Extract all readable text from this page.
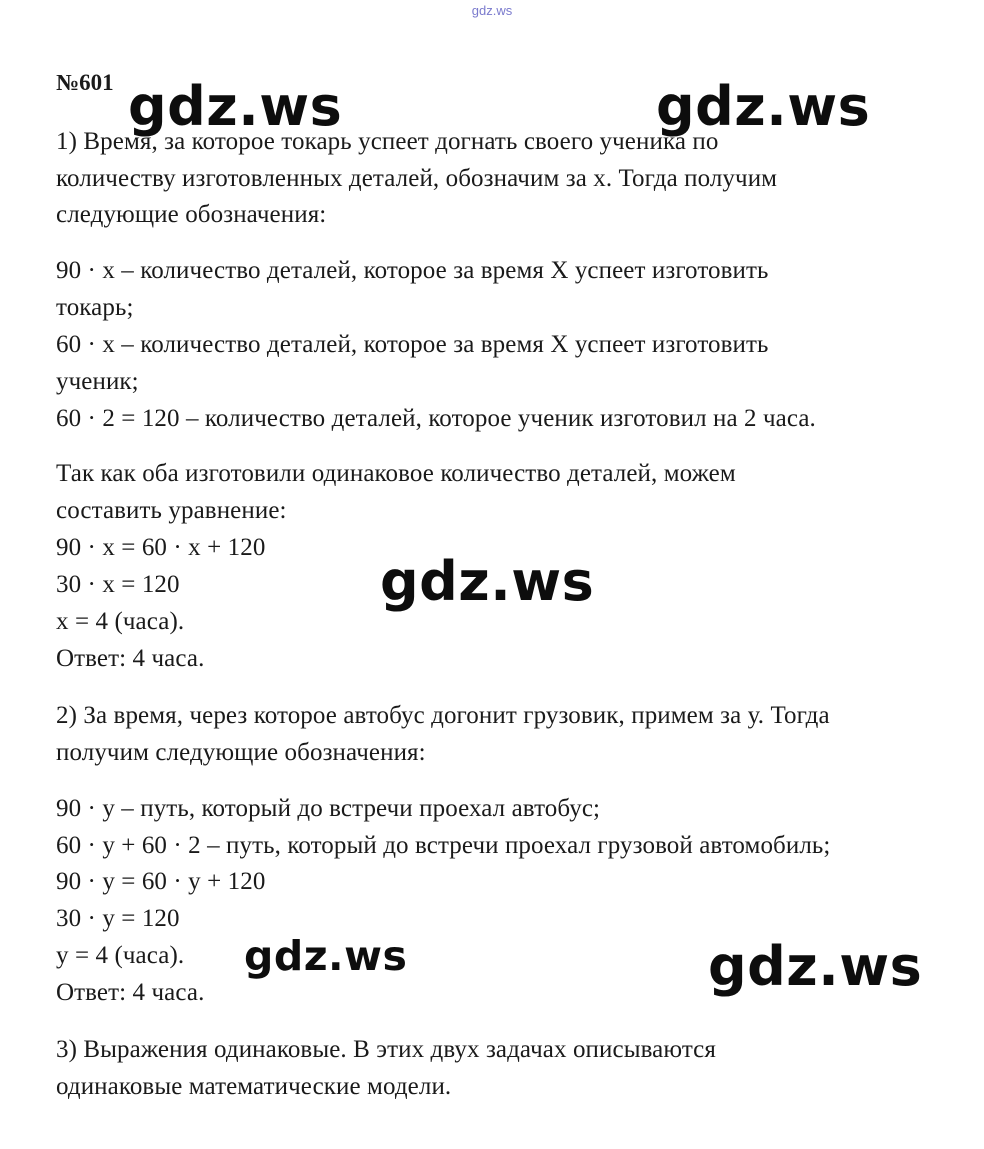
gdz.ws
№601
1) Время, за которое токарь успеет догнать своего ученика по
количеству изготовленных деталей, обозначим за х. Тогда получим
следующие обозначения:
90 · х – количество деталей, которое за время Х успеет изготовить
токарь;
60 · х – количество деталей, которое за время Х успеет изготовить
ученик;
60 · 2 = 120 – количество деталей, которое ученик изготовил на 2 часа.
Так как оба изготовили одинаковое количество деталей, можем
составить уравнение:
90 · х = 60 · х + 120
30 · х = 120
х = 4 (часа).
Ответ: 4 часа.
2) За время, через которое автобус догонит грузовик, примем за у. Тогда
получим следующие обозначения:
90 · у – путь, который до встречи проехал автобус;
60 · у + 60 · 2 – путь, который до встречи проехал грузовой автомобиль;
90 · у = 60 · у + 120
30 · у = 120
у = 4 (часа).
Ответ: 4 часа.
3) Выражения одинаковые. В этих двух задачах описываются
одинаковые математические модели.
gdz.ws	gdz.ws
gdz.ws
gdz.ws	gdz.ws
